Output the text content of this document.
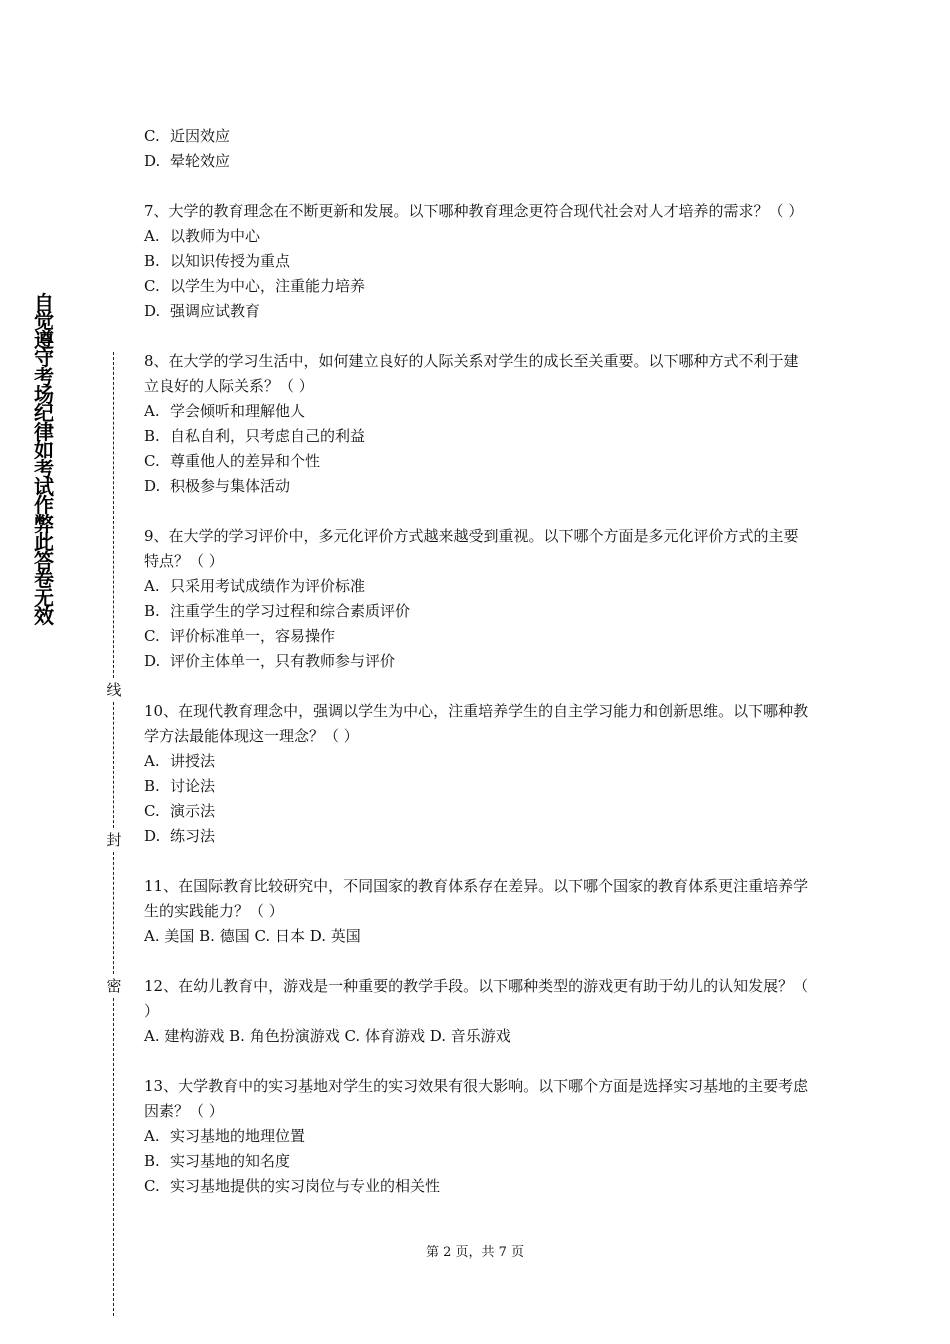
自
觉
遵
守
考
场
纪
律
如
考
试
作
弊
此
答
卷
无
效
线
封
密

C. 近因效应

D. 晕轮效应

7、大学的教育理念在不断更新和发展。以下哪种教育理念更符合现代社会对人才培养的需求？（ ）

A. 以教师为中心

B. 以知识传授为重点

C. 以学生为中心，注重能力培养

D. 强调应试教育

8、在大学的学习生活中，如何建立良好的人际关系对学生的成长至关重要。以下哪种方式不利于建立良好的人际关系？（ ）

A. 学会倾听和理解他人

B. 自私自利，只考虑自己的利益

C. 尊重他人的差异和个性

D. 积极参与集体活动

9、在大学的学习评价中，多元化评价方式越来越受到重视。以下哪个方面是多元化评价方式的主要特点？（ ）

A. 只采用考试成绩作为评价标准

B. 注重学生的学习过程和综合素质评价

C. 评价标准单一，容易操作

D. 评价主体单一，只有教师参与评价

10、在现代教育理念中，强调以学生为中心，注重培养学生的自主学习能力和创新思维。以下哪种教学方法最能体现这一理念？（ ）

A. 讲授法

B. 讨论法

C. 演示法

D. 练习法

11、在国际教育比较研究中，不同国家的教育体系存在差异。以下哪个国家的教育体系更注重培养学生的实践能力？（ ）

A. 美国 B. 德国 C. 日本 D. 英国

12、在幼儿教育中，游戏是一种重要的教学手段。以下哪种类型的游戏更有助于幼儿的认知发展？（ ）

A. 建构游戏 B. 角色扮演游戏 C. 体育游戏 D. 音乐游戏

13、大学教育中的实习基地对学生的实习效果有很大影响。以下哪个方面是选择实习基地的主要考虑因素？（ ）

A. 实习基地的地理位置

B. 实习基地的知名度

C. 实习基地提供的实习岗位与专业的相关性

第 2 页，共 7 页
